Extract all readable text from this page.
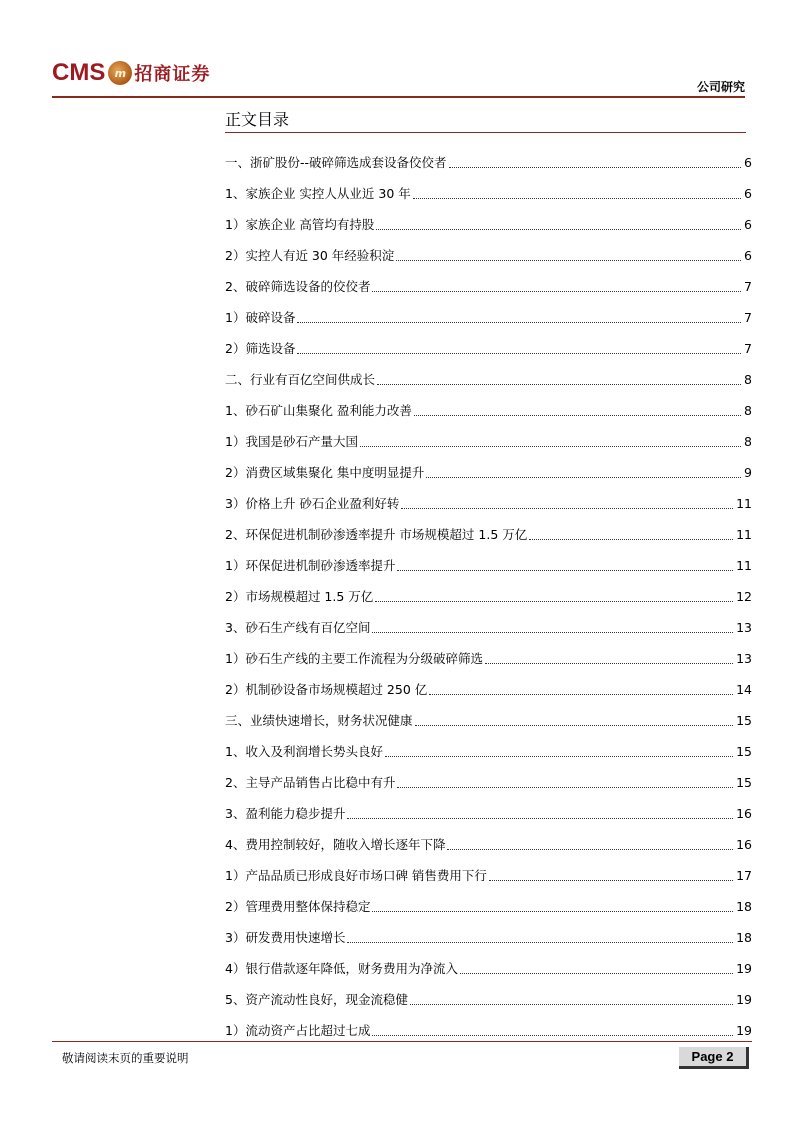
CMS m 招商证券
公司研究
正文目录
一、浙矿股份--破碎筛选成套设备佼佼者	6
1、家族企业 实控人从业近 30 年	6
1）家族企业 高管均有持股	6
2）实控人有近 30 年经验积淀	6
2、破碎筛选设备的佼佼者	7
1）破碎设备	7
2）筛选设备	7
二、行业有百亿空间供成长	8
1、砂石矿山集聚化 盈利能力改善	8
1）我国是砂石产量大国	8
2）消费区域集聚化 集中度明显提升	9
3）价格上升 砂石企业盈利好转	11
2、环保促进机制砂渗透率提升 市场规模超过 1.5 万亿	11
1）环保促进机制砂渗透率提升	11
2）市场规模超过 1.5 万亿	12
3、砂石生产线有百亿空间	13
1）砂石生产线的主要工作流程为分级破碎筛选	13
2）机制砂设备市场规模超过 250 亿	14
三、业绩快速增长，财务状况健康	15
1、收入及利润增长势头良好	15
2、主导产品销售占比稳中有升	15
3、盈利能力稳步提升	16
4、费用控制较好，随收入增长逐年下降	16
1）产品品质已形成良好市场口碑 销售费用下行	17
2）管理费用整体保持稳定	18
3）研发费用快速增长	18
4）银行借款逐年降低，财务费用为净流入	19
5、资产流动性良好，现金流稳健	19
1）流动资产占比超过七成	19
敬请阅读末页的重要说明	Page 2
